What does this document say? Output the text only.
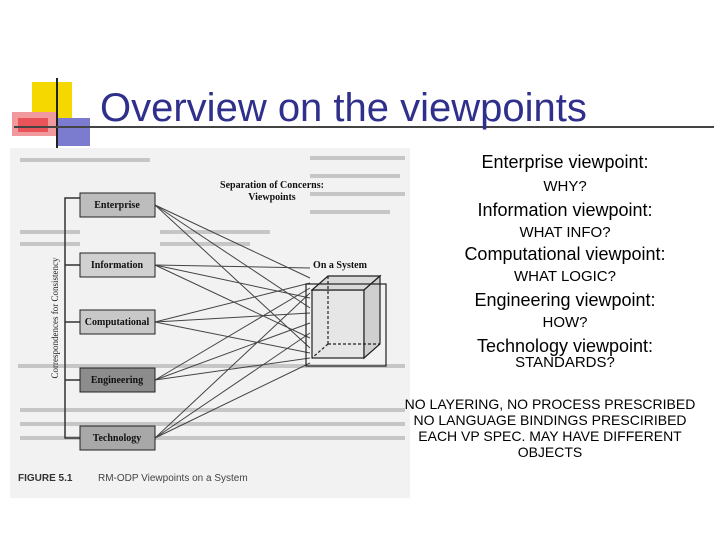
Overview on the viewpoints
Enterprise
Information
Computational
Engineering
Technology
Separation of Concerns:
Viewpoints
On a System
Correspondences for Consistency
FIGURE 5.1	RM-ODP Viewpoints on a System
Enterprise viewpoint:
WHY?
Information viewpoint:
WHAT INFO?
Computational viewpoint:
WHAT LOGIC?
Engineering viewpoint:
HOW?
Technology viewpoint:
STANDARDS?
NO LAYERING, NO PROCESS PRESCRIBED
NO LANGUAGE BINDINGS PRESCIRIBED
EACH VP SPEC. MAY HAVE DIFFERENT
OBJECTS
